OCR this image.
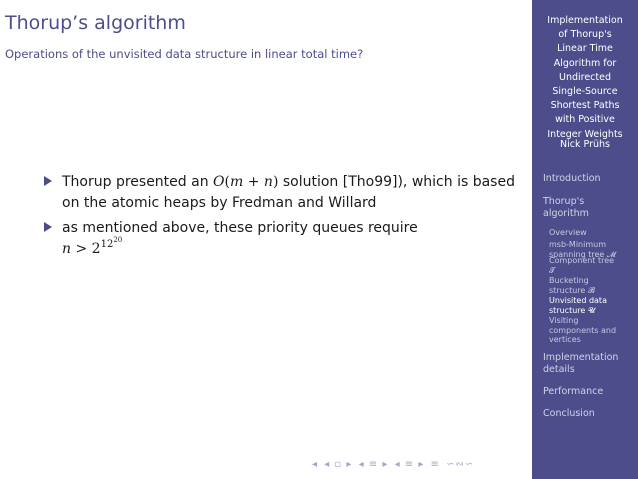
Thorup’s algorithm
Operations of the unvisited data structure in linear total time?
Thorup presented an O(m + n) solution [Tho99]), which is based on the atomic heaps by Fredman and Willard
as mentioned above, these priority queues require
$n > 2^{1220}$
◂ ◂ ▫ ▸ ◂ ≡ ▸ ◂ ≡ ▸ ≡ ∽∾∽
Implementation
of Thorup's
Linear Time
Algorithm for
Undirected
Single-Source
Shortest Paths
with Positive
Integer Weights
Nick Prühs
Introduction
Thorup's
algorithm
Overview
msb-Minimum
spanning tree 𝓜
Component tree
𝓣
Bucketing
structure 𝓑
Unvisited data
structure 𝓤
Visiting
components and
vertices
Implementation
details
Performance
Conclusion
